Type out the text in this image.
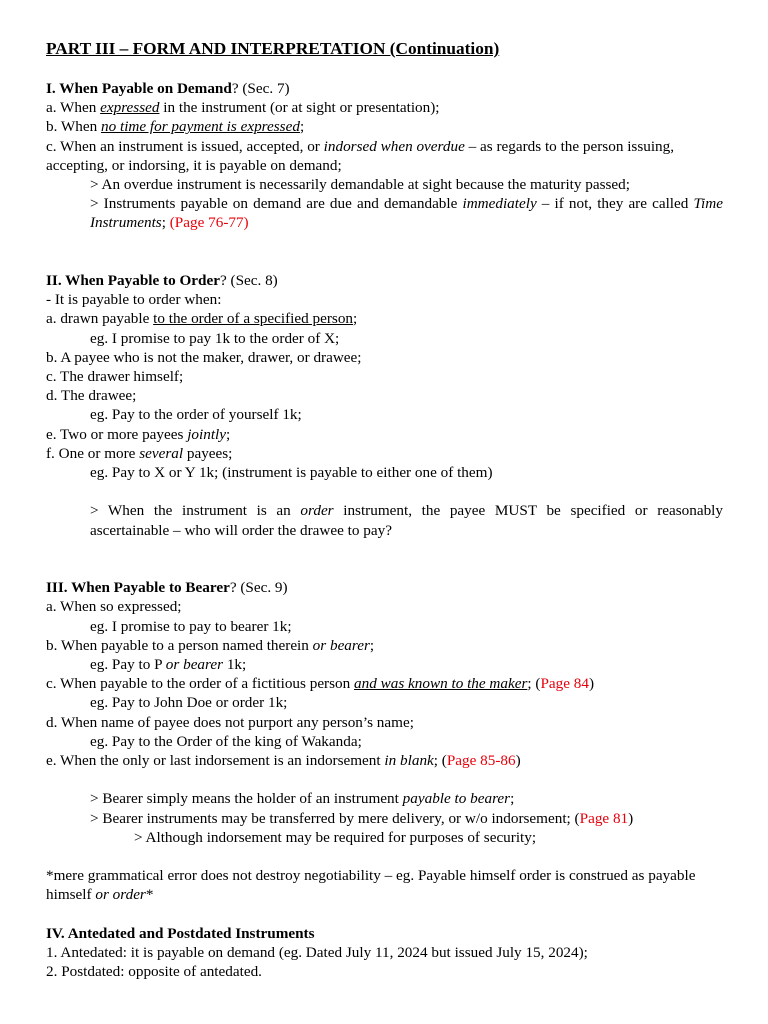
PART III – FORM AND INTERPRETATION (Continuation)
I. When Payable on Demand? (Sec. 7)
a. When expressed in the instrument (or at sight or presentation);
b. When no time for payment is expressed;
c. When an instrument is issued, accepted, or indorsed when overdue – as regards to the person issuing, accepting, or indorsing, it is payable on demand;
> An overdue instrument is necessarily demandable at sight because the maturity passed;
> Instruments payable on demand are due and demandable immediately – if not, they are called Time Instruments; (Page 76-77)
II. When Payable to Order? (Sec. 8)
- It is payable to order when:
a. drawn payable to the order of a specified person;
eg. I promise to pay 1k to the order of X;
b. A payee who is not the maker, drawer, or drawee;
c. The drawer himself;
d. The drawee;
eg. Pay to the order of yourself 1k;
e. Two or more payees jointly;
f. One or more several payees;
eg. Pay to X or Y 1k; (instrument is payable to either one of them)
> When the instrument is an order instrument, the payee MUST be specified or reasonably ascertainable – who will order the drawee to pay?
III. When Payable to Bearer? (Sec. 9)
a. When so expressed;
eg. I promise to pay to bearer 1k;
b. When payable to a person named therein or bearer;
eg. Pay to P or bearer 1k;
c. When payable to the order of a fictitious person and was known to the maker; (Page 84)
eg. Pay to John Doe or order 1k;
d. When name of payee does not purport any person’s name;
eg. Pay to the Order of the king of Wakanda;
e. When the only or last indorsement is an indorsement in blank; (Page 85-86)
> Bearer simply means the holder of an instrument payable to bearer;
> Bearer instruments may be transferred by mere delivery, or w/o indorsement; (Page 81)
> Although indorsement may be required for purposes of security;
*mere grammatical error does not destroy negotiability – eg. Payable himself order is construed as payable himself or order*
IV. Antedated and Postdated Instruments
1. Antedated: it is payable on demand (eg. Dated July 11, 2024 but issued July 15, 2024);
2. Postdated: opposite of antedated.
